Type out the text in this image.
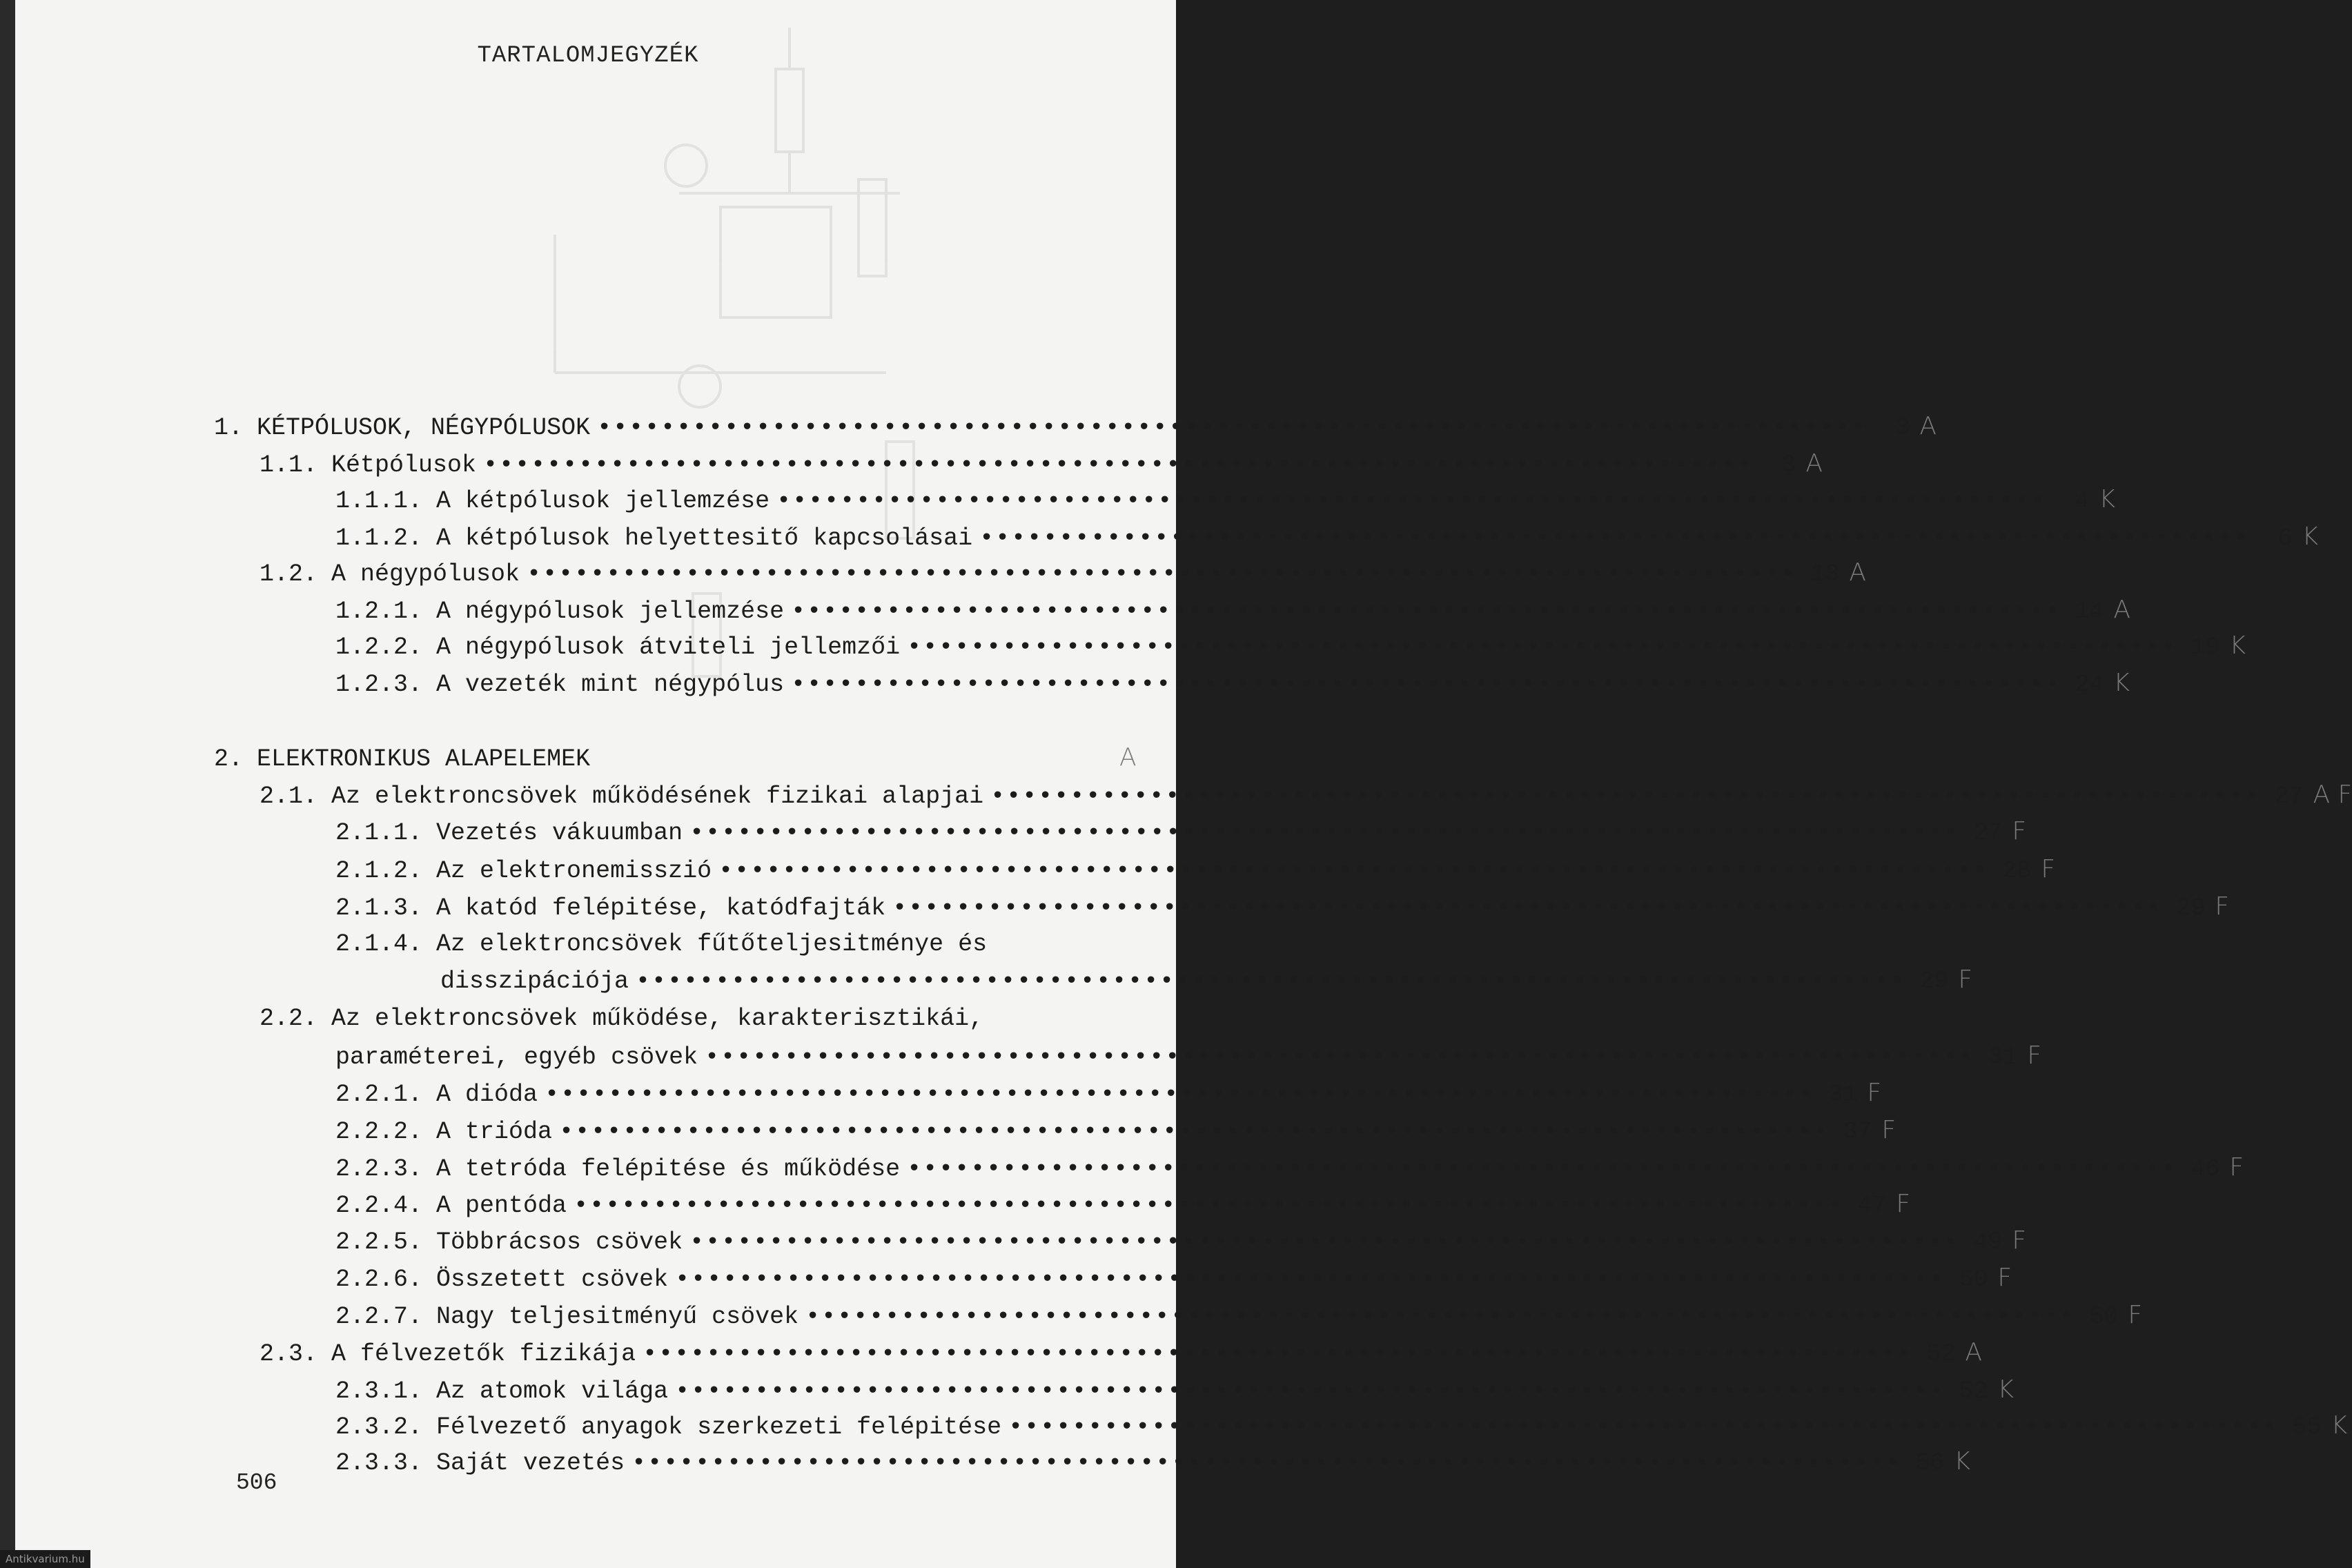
TARTALOMJEGYZÉK
1. KÉTPÓLUSOK, NÉGYPÓLUSOK ••••••••••••••••••••••••••••••••••••••••••••••••••••••••••••••••••••••••••••••••	3 A
1.1. Kétpólusok ••••••••••••••••••••••••••••••••••••••••••••••••••••••••••••••••••••••••••••••••	3 A
1.1.1. A kétpólusok jellemzése ••••••••••••••••••••••••••••••••••••••••••••••••••••••••••••••••••••••••••••••••	4 K
1.1.2. A kétpólusok helyettesitő kapcsolásai ••••••••••••••••••••••••••••••••••••••••••••••••••••••••••••••••••••••••••••••••	6 K
1.2. A négypólusok •••••••••••••••••••••••••••••••••••••••••••••••••••••••••••••••••••••••••••••••• 13 A
1.2.1. A négypólusok jellemzése •••••••••••••••••••••••••••••••••••••••••••••••••••••••••••••••••••••••••••••••• 14 A
1.2.2. A négypólusok átviteli jellemzői •••••••••••••••••••••••••••••••••••••••••••••••••••••••••••••••••••••••••••••••• 19 K
1.2.3. A vezeték mint négypólus •••••••••••••••••••••••••••••••••••••••••••••••••••••••••••••••••••••••••••••••• 24 K
2. ELEKTRONIKUS ALAPELEMEK	A
2.1. Az elektroncsövek működésének fizikai alapjai •••••••••••••••••••••••••••••••••••••••••••••••••••••••••••••••••••••••••••••••• 27 A F
2.1.1. Vezetés vákuumban •••••••••••••••••••••••••••••••••••••••••••••••••••••••••••••••••••••••••••••••• 27 F
2.1.2. Az elektronemisszió •••••••••••••••••••••••••••••••••••••••••••••••••••••••••••••••••••••••••••••••• 28 F
2.1.3. A katód felépitése, katódfajták •••••••••••••••••••••••••••••••••••••••••••••••••••••••••••••••••••••••••••••••• 29 F
2.1.4. Az elektroncsövek fűtőteljesitménye és
disszipációja •••••••••••••••••••••••••••••••••••••••••••••••••••••••••••••••••••••••••••••••• 29 F
2.2. Az elektroncsövek működése, karakterisztikái,
paraméterei, egyéb csövek •••••••••••••••••••••••••••••••••••••••••••••••••••••••••••••••••••••••••••••••• 31 F
2.2.1. A dióda •••••••••••••••••••••••••••••••••••••••••••••••••••••••••••••••••••••••••••••••• 31 F
2.2.2. A trióda •••••••••••••••••••••••••••••••••••••••••••••••••••••••••••••••••••••••••••••••• 37 F
2.2.3. A tetróda felépitése és működése •••••••••••••••••••••••••••••••••••••••••••••••••••••••••••••••••••••••••••••••• 46 F
2.2.4. A pentóda •••••••••••••••••••••••••••••••••••••••••••••••••••••••••••••••••••••••••••••••• 47 F
2.2.5. Többrácsos csövek •••••••••••••••••••••••••••••••••••••••••••••••••••••••••••••••••••••••••••••••• 49 F
2.2.6. Összetett csövek •••••••••••••••••••••••••••••••••••••••••••••••••••••••••••••••••••••••••••••••• 50 F
2.2.7. Nagy teljesitményű csövek •••••••••••••••••••••••••••••••••••••••••••••••••••••••••••••••••••••••••••••••• 50 F
2.3. A félvezetők fizikája •••••••••••••••••••••••••••••••••••••••••••••••••••••••••••••••••••••••••••••••• 52 A
2.3.1. Az atomok világa •••••••••••••••••••••••••••••••••••••••••••••••••••••••••••••••••••••••••••••••• 52 K
2.3.2. Félvezető anyagok szerkezeti felépitése •••••••••••••••••••••••••••••••••••••••••••••••••••••••••••••••••••••••••••••••• 55 K
2.3.3. Saját vezetés •••••••••••••••••••••••••••••••••••••••••••••••••••••••••••••••••••••••••••••••• 56 K
506
Antikvarium.hu
